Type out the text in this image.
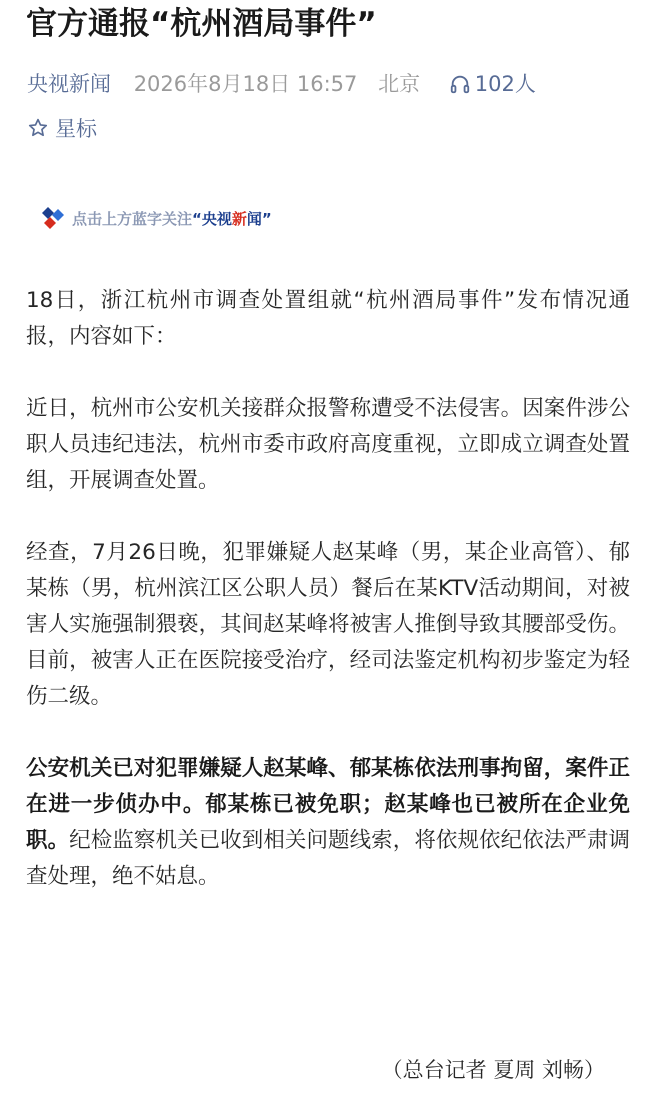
官方通报“杭州酒局事件”
央视新闻 2026年8月18日 16:57 北京	102人
星标
点击上方蓝字关注“央视新闻”

18日，浙江杭州市调查处置组就“杭州酒局事件”发布情况通报，内容如下：

近日，杭州市公安机关接群众报警称遭受不法侵害。因案件涉公职人员违纪违法，杭州市委市政府高度重视，立即成立调查处置组，开展调查处置。

经查，7月26日晚，犯罪嫌疑人赵某峰（男，某企业高管）、郁某栋（男，杭州滨江区公职人员）餐后在某KTV活动期间，对被害人实施强制猥亵，其间赵某峰将被害人推倒导致其腰部受伤。目前，被害人正在医院接受治疗，经司法鉴定机构初步鉴定为轻伤二级。

公安机关已对犯罪嫌疑人赵某峰、郁某栋依法刑事拘留，案件正在进一步侦办中。郁某栋已被免职；赵某峰也已被所在企业免职。纪检监察机关已收到相关问题线索，将依规依纪依法严肃调查处理，绝不姑息。

（总台记者 夏周 刘畅）
